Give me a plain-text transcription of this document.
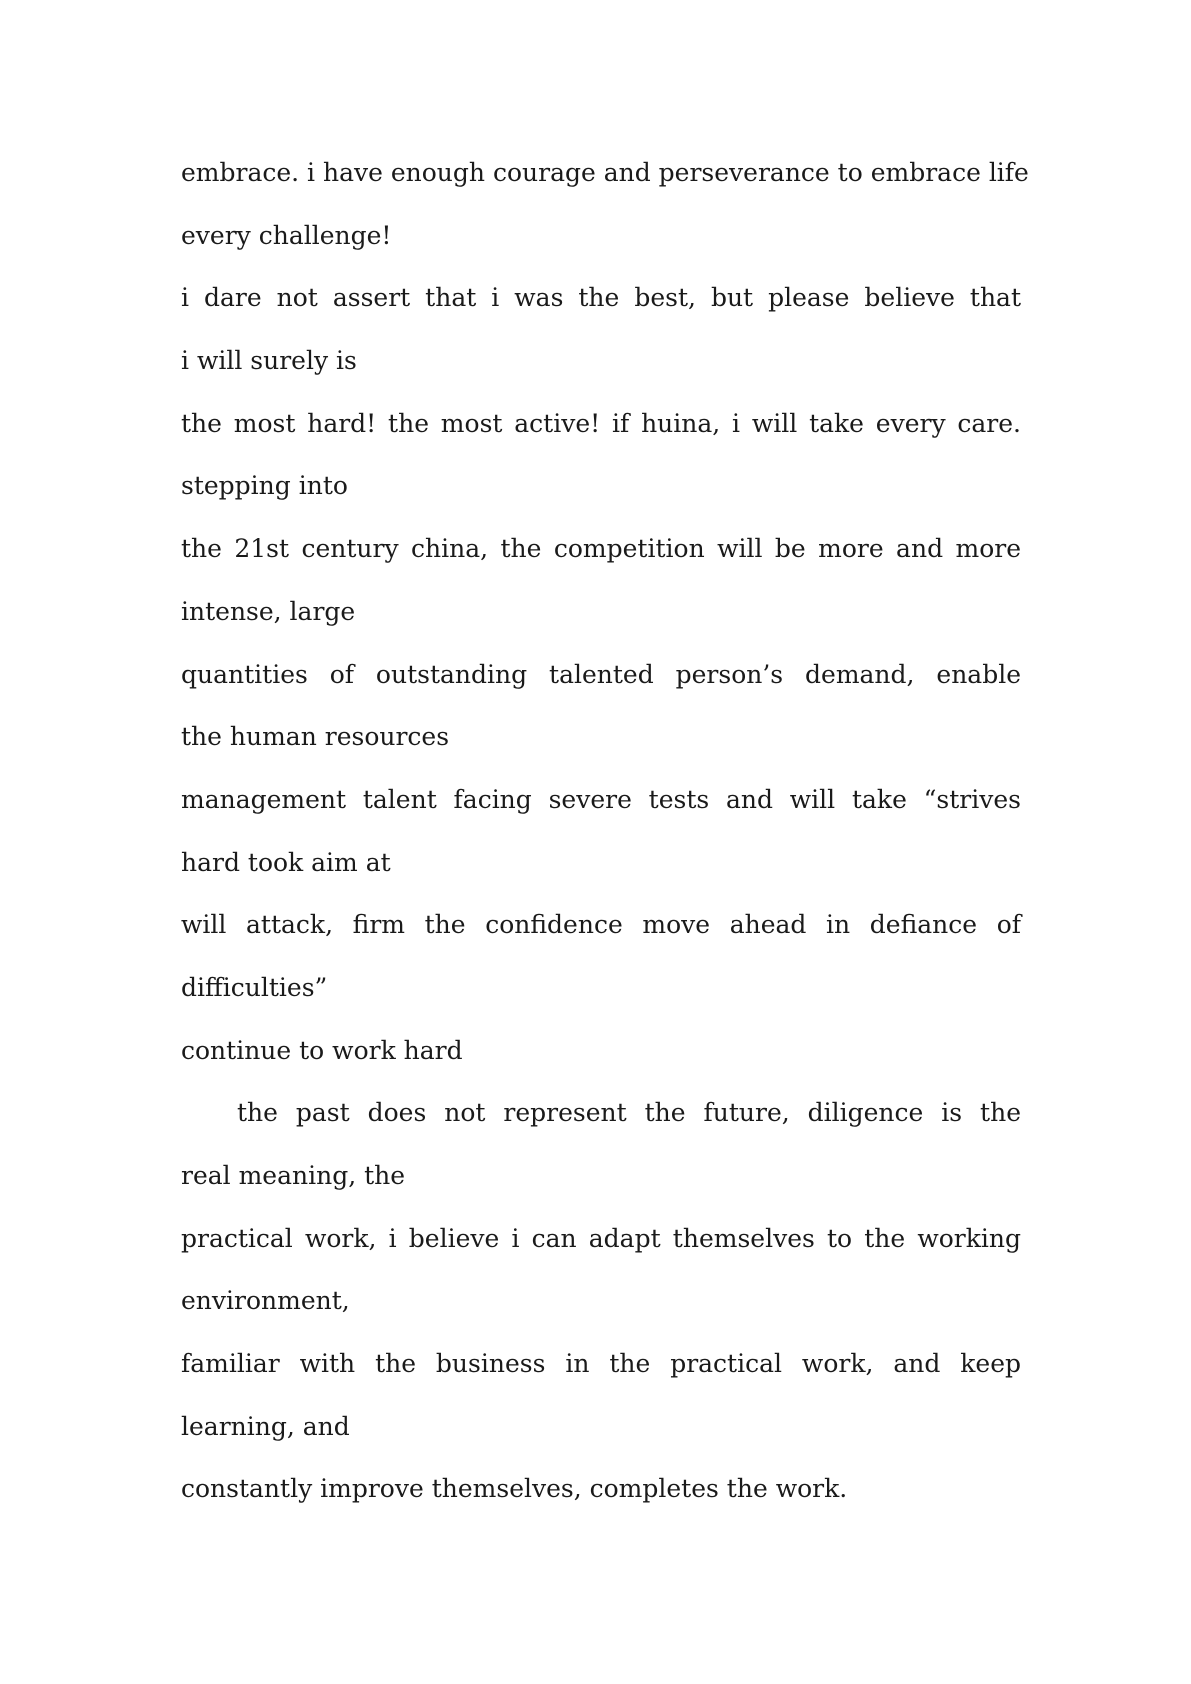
embrace. i have enough courage and perseverance to embrace life
every challenge!
i dare not assert that i was the best, but please believe that
i will surely is
the most hard! the most active! if huina, i will take every care.
stepping into
the 21st century china, the competition will be more and more
intense, large
quantities of outstanding talented person’s demand, enable
the human resources
management talent facing severe tests and will take “strives
hard took aim at
will attack, firm the confidence move ahead in defiance of
difficulties”
continue to work hard
the past does not represent the future, diligence is the
real meaning, the
practical work, i believe i can adapt themselves to the working
environment,
familiar with the business in the practical work, and keep
learning, and
constantly improve themselves, completes the work.
